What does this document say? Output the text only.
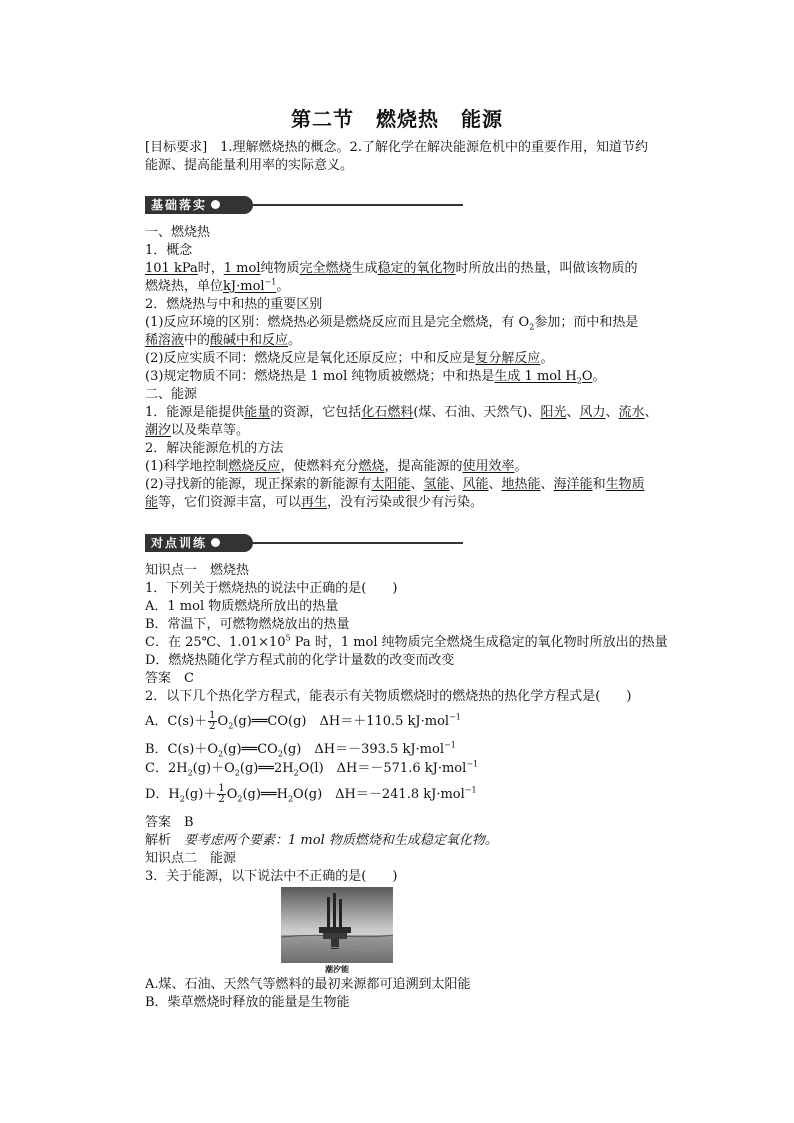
第二节 燃烧热 能源
[目标要求]　1.理解燃烧热的概念。2.了解化学在解决能源危机中的重要作用，知道节约
能源、提高能量利用率的实际意义。
基础落实
一、燃烧热
1．概念
101 kPa时，1 mol纯物质完全燃烧生成稳定的氧化物时所放出的热量，叫做该物质的
燃烧热，单位kJ·mol$^{-1}$。
2．燃烧热与中和热的重要区别
(1)反应环境的区别：燃烧热必须是燃烧反应而且是完全燃烧，有 $O_2$参加；而中和热是
稀溶液中的酸碱中和反应。
(2)反应实质不同：燃烧反应是氧化还原反应；中和反应是复分解反应。
(3)规定物质不同：燃烧热是 1 mol 纯物质被燃烧；中和热是生成 1 mol $H_2O$。
二、能源
1．能源是能提供能量的资源，它包括化石燃料(煤、石油、天然气)、阳光、风力、流水、
潮汐以及柴草等。
2．解决能源危机的方法
(1)科学地控制燃烧反应，使燃料充分燃烧，提高能源的使用效率。
(2)寻找新的能源，现正探索的新能源有太阳能、氢能、风能、地热能、海洋能和生物质
能等，它们资源丰富，可以再生，没有污染或很少有污染。
对点训练
知识点一　燃烧热
1．下列关于燃烧热的说法中正确的是(　　)
A．1 mol 物质燃烧所放出的热量
B．常温下，可燃物燃烧放出的热量
C．在 25℃、$1.01\times 10^5$ Pa 时，1 mol 纯物质完全燃烧生成稳定的氧化物时所放出的热量
D．燃烧热随化学方程式前的化学计量数的改变而改变
答案　C
2．以下几个热化学方程式，能表示有关物质燃烧时的燃烧热的热化学方程式是(　　)
A．$C(s)+ \frac{1}{2}$ $O_2(g)══CO(g)$　ΔH＝＋110.5 kJ·mol$^{-1}$
B．$C(s)+O_2(g)══CO_2(g)$　ΔH＝－393.5 kJ·mol$^{-1}$
C．$2H_2(g)+O_2(g)══2H_2O(l)$　ΔH＝－571.6 kJ·mol$^{-1}$
D．$H_2(g)+ \frac{1}{2}$ $O_2(g)══H_2O(g)$　ΔH＝－241.8 kJ·mol$^{-1}$
答案　B
解析　要考虑两个要素：1 mol 物质燃烧和生成稳定氧化物。
知识点二　能源
3．关于能源，以下说法中不正确的是(　　)
潮汐能
A.煤、石油、天然气等燃料的最初来源都可追溯到太阳能
B．柴草燃烧时释放的能量是生物能
